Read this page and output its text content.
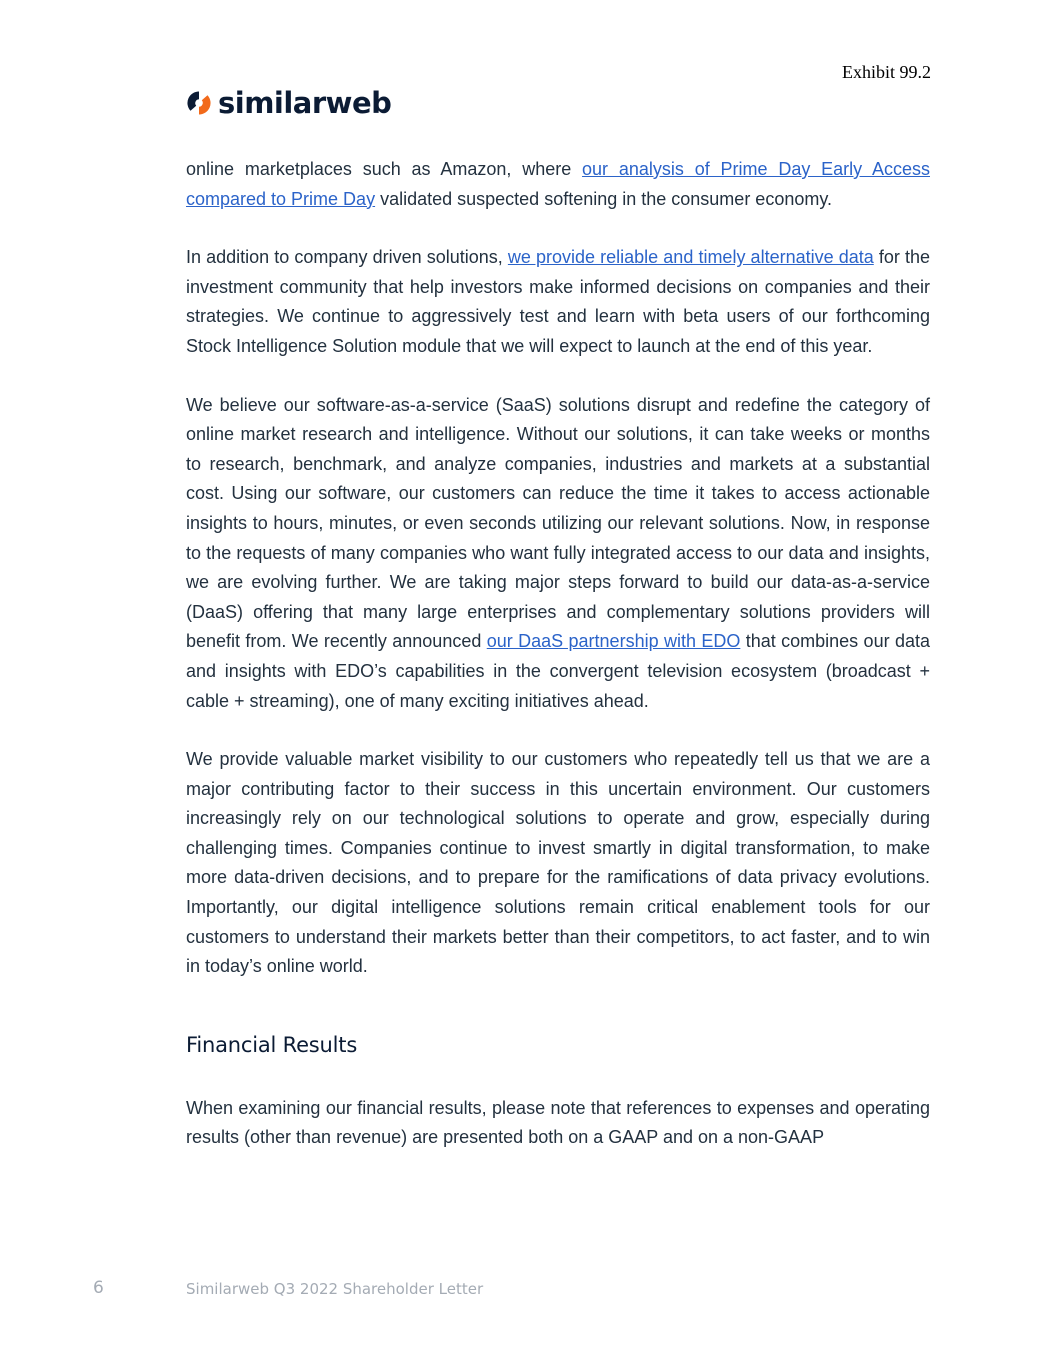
Exhibit 99.2
similarweb

online marketplaces such as Amazon, where our analysis of Prime Day Early Access compared to Prime Day validated suspected softening in the consumer economy.

In addition to company driven solutions, we provide reliable and timely alternative data for the investment community that help investors make informed decisions on companies and their strategies. We continue to aggressively test and learn with beta users of our forthcoming Stock Intelligence Solution module that we will expect to launch at the end of this year.

We believe our software-as-a-service (SaaS) solutions disrupt and redefine the category of online market research and intelligence. Without our solutions, it can take weeks or months to research, benchmark, and analyze companies, industries and markets at a substantial cost. Using our software, our customers can reduce the time it takes to access actionable insights to hours, minutes, or even seconds utilizing our relevant solutions. Now, in response to the requests of many companies who want fully integrated access to our data and insights, we are evolving further. We are taking major steps forward to build our data-as-a-service (DaaS) offering that many large enterprises and complementary solutions providers will benefit from. We recently announced our DaaS partnership with EDO that combines our data and insights with EDO’s capabilities in the convergent television ecosystem (broadcast + cable + streaming), one of many exciting initiatives ahead.

We provide valuable market visibility to our customers who repeatedly tell us that we are a major contributing factor to their success in this uncertain environment. Our customers increasingly rely on our technological solutions to operate and grow, especially during challenging times. Companies continue to invest smartly in digital transformation, to make more data-driven decisions, and to prepare for the ramifications of data privacy evolutions. Importantly, our digital intelligence solutions remain critical enablement tools for our customers to understand their markets better than their competitors, to act faster, and to win in today’s online world.

Financial Results

When examining our financial results, please note that references to expenses and operating results (other than revenue) are presented both on a GAAP and on a non-GAAP

6	Similarweb Q3 2022 Shareholder Letter
